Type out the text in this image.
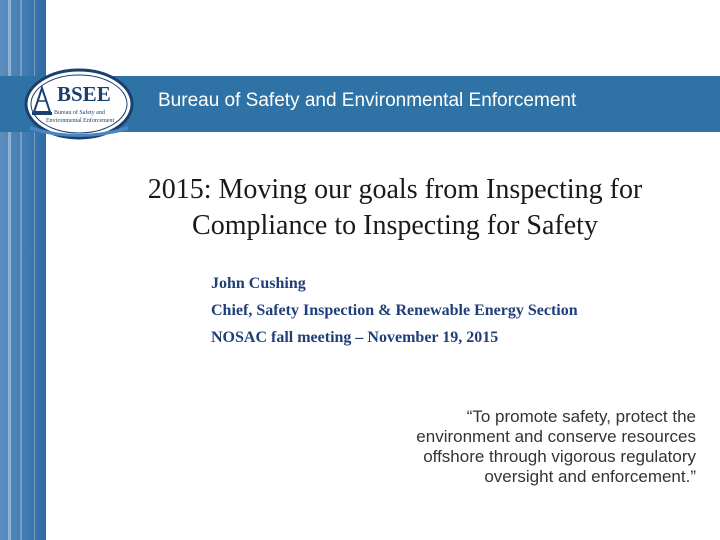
Bureau of Safety and Environmental Enforcement
BSEE
Bureau of Safety and
Environmental Enforcement
2015: Moving our goals from Inspecting for Compliance to Inspecting for Safety
John Cushing
Chief, Safety Inspection & Renewable Energy Section
NOSAC fall meeting – November 19, 2015
“To promote safety, protect the
environment and conserve resources
offshore through vigorous regulatory
oversight and enforcement.”
